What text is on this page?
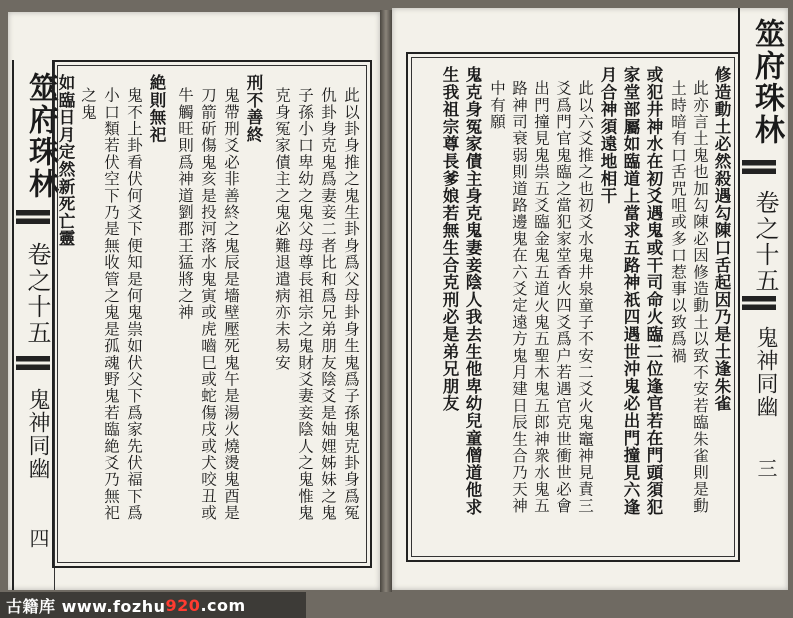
筮府珠林
卷之十五
鬼神同幽
四
此以卦身推之鬼生卦身爲父母卦身生鬼爲子孫鬼克卦身爲冤
仇卦身克鬼爲妻妾二者比和爲兄弟朋友陰爻是妯娌姊妹之鬼
子孫小口卑幼之鬼父母尊長祖宗之鬼財爻妻妾陰人之鬼惟鬼
克身冤家債主之鬼必難退遣病亦未易安
刑不善終
鬼帶刑爻必非善終之鬼辰是墻壁壓死鬼午是湯火燒燙鬼酉是
刀箭斫傷鬼亥是投河落水鬼寅或虎嚙巳或蛇傷戌或犬咬丑或
牛觸旺則爲神道劉郡王猛將之神
絶則無祀
鬼不上卦看伏何爻下便知是何鬼祟如伏父下爲家先伏福下爲
小口類若伏空下乃是無收管之鬼是孤魂野鬼若臨絶爻乃無祀
之鬼
如臨日月定然新死亡靈	修造動土必然殺遇勾陳口舌起因乃是土逢朱雀
此亦言土鬼也加勾陳必因修造動土以致不安若臨朱雀則是動
土時暗有口舌咒咀或多口惹事以致爲禍
或犯井神水在初爻遇鬼或干司命火臨二位逢官若在門頭須犯
家堂部屬如臨道上當求五路神祇四遇世沖鬼必出門撞見六逢
月合神須遠地相干
此以六爻推之也初爻水鬼井泉童子不安二爻火鬼竈神見責三
爻爲門官鬼臨之當犯家堂香火四爻爲户若遇官克世衝世必會
出門撞見鬼祟五爻臨金鬼五道火鬼五聖木鬼五郎神衆水鬼五
路神司衰弱則道路邊鬼在六爻定遠方鬼月建日辰生合乃天神
中有願
鬼克身冤家債主身克鬼妻妾陰人我去生他卑幼兒童僧道他求
生我祖宗尊長爹娘若無生合克刑必是弟兄朋友	筮府珠林
卷之十五
鬼神同幽
三
古籍库 www.fozhu 920 .com
